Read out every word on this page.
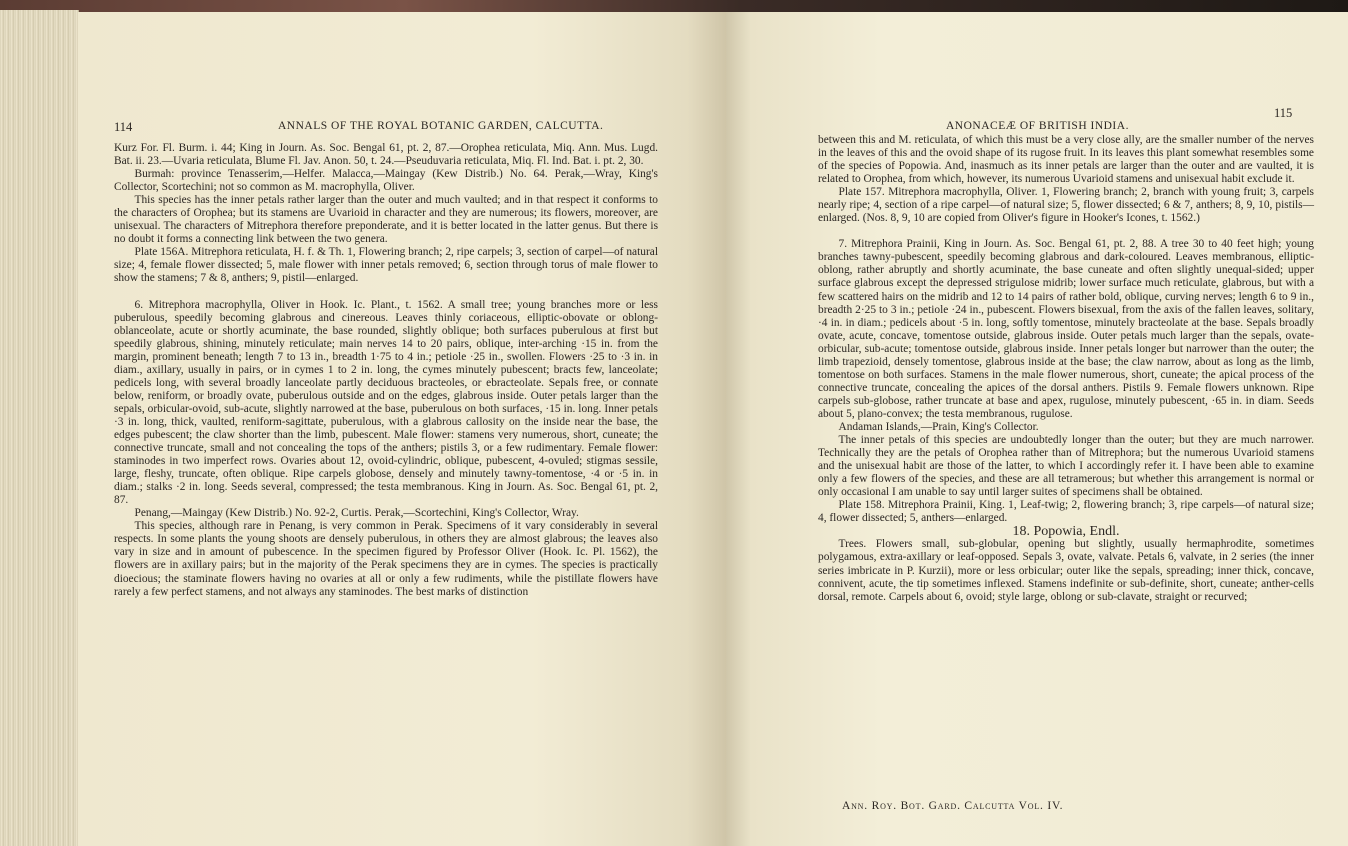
114	ANNALS OF THE ROYAL BOTANIC GARDEN, CALCUTTA.

Kurz For. Fl. Burm. i. 44; King in Journ. As. Soc. Bengal 61, pt. 2, 87.—Orophea reticulata, Miq. Ann. Mus. Lugd. Bat. ii. 23.—Uvaria reticulata, Blume Fl. Jav. Anon. 50, t. 24.—Pseuduvaria reticulata, Miq. Fl. Ind. Bat. i. pt. 2, 30.

Burmah: province Tenasserim,—Helfer. Malacca,—Maingay (Kew Distrib.) No. 64. Perak,—Wray, King's Collector, Scortechini; not so common as M. macrophylla, Oliver.

This species has the inner petals rather larger than the outer and much vaulted; and in that respect it conforms to the characters of Orophea; but its stamens are Uvarioid in character and they are numerous; its flowers, moreover, are unisexual. The characters of Mitrephora therefore preponderate, and it is better located in the latter genus. But there is no doubt it forms a connecting link between the two genera.

Plate 156A. Mitrephora reticulata, H. f. & Th. 1, Flowering branch; 2, ripe carpels; 3, section of carpel—of natural size; 4, female flower dissected; 5, male flower with inner petals removed; 6, section through torus of male flower to show the stamens; 7 & 8, anthers; 9, pistil—enlarged.

6. Mitrephora macrophylla, Oliver in Hook. Ic. Plant., t. 1562. A small tree; young branches more or less puberulous, speedily becoming glabrous and cinereous. Leaves thinly coriaceous, elliptic-obovate or oblong-oblanceolate, acute or shortly acuminate, the base rounded, slightly oblique; both surfaces puberulous at first but speedily glabrous, shining, minutely reticulate; main nerves 14 to 20 pairs, oblique, inter-arching ·15 in. from the margin, prominent beneath; length 7 to 13 in., breadth 1·75 to 4 in.; petiole ·25 in., swollen. Flowers ·25 to ·3 in. in diam., axillary, usually in pairs, or in cymes 1 to 2 in. long, the cymes minutely pubescent; bracts few, lanceolate; pedicels long, with several broadly lanceolate partly deciduous bracteoles, or ebracteolate. Sepals free, or connate below, reniform, or broadly ovate, puberulous outside and on the edges, glabrous inside. Outer petals larger than the sepals, orbicular-ovoid, sub-acute, slightly narrowed at the base, puberulous on both surfaces, ·15 in. long. Inner petals ·3 in. long, thick, vaulted, reniform-sagittate, puberulous, with a glabrous callosity on the inside near the base, the edges pubescent; the claw shorter than the limb, pubescent. Male flower: stamens very numerous, short, cuneate; the connective truncate, small and not concealing the tops of the anthers; pistils 3, or a few rudimentary. Female flower: staminodes in two imperfect rows. Ovaries about 12, ovoid-cylindric, oblique, pubescent, 4-ovuled; stigmas sessile, large, fleshy, truncate, often oblique. Ripe carpels globose, densely and minutely tawny-tomentose, ·4 or ·5 in. in diam.; stalks ·2 in. long. Seeds several, compressed; the testa membranous. King in Journ. As. Soc. Bengal 61, pt. 2, 87.

Penang,—Maingay (Kew Distrib.) No. 92-2, Curtis. Perak,—Scortechini, King's Collector, Wray.

This species, although rare in Penang, is very common in Perak. Specimens of it vary considerably in several respects. In some plants the young shoots are densely puberulous, in others they are almost glabrous; the leaves also vary in size and in amount of pubescence. In the specimen figured by Professor Oliver (Hook. Ic. Pl. 1562), the flowers are in axillary pairs; but in the majority of the Perak specimens they are in cymes. The species is practically dioecious; the staminate flowers having no ovaries at all or only a few rudiments, while the pistillate flowers have rarely a few perfect stamens, and not always any staminodes. The best marks of distinction

ANONACEÆ OF BRITISH INDIA.
115

between this and M. reticulata, of which this must be a very close ally, are the smaller number of the nerves in the leaves of this and the ovoid shape of its rugose fruit. In its leaves this plant somewhat resembles some of the species of Popowia. And, inasmuch as its inner petals are larger than the outer and are vaulted, it is related to Orophea, from which, however, its numerous Uvarioid stamens and unisexual habit exclude it.

Plate 157. Mitrephora macrophylla, Oliver. 1, Flowering branch; 2, branch with young fruit; 3, carpels nearly ripe; 4, section of a ripe carpel—of natural size; 5, flower dissected; 6 & 7, anthers; 8, 9, 10, pistils—enlarged. (Nos. 8, 9, 10 are copied from Oliver's figure in Hooker's Icones, t. 1562.)

7. Mitrephora Prainii, King in Journ. As. Soc. Bengal 61, pt. 2, 88. A tree 30 to 40 feet high; young branches tawny-pubescent, speedily becoming glabrous and dark-coloured. Leaves membranous, elliptic-oblong, rather abruptly and shortly acuminate, the base cuneate and often slightly unequal-sided; upper surface glabrous except the depressed strigulose midrib; lower surface much reticulate, glabrous, but with a few scattered hairs on the midrib and 12 to 14 pairs of rather bold, oblique, curving nerves; length 6 to 9 in., breadth 2·25 to 3 in.; petiole ·24 in., pubescent. Flowers bisexual, from the axis of the fallen leaves, solitary, ·4 in. in diam.; pedicels about ·5 in. long, softly tomentose, minutely bracteolate at the base. Sepals broadly ovate, acute, concave, tomentose outside, glabrous inside. Outer petals much larger than the sepals, ovate-orbicular, sub-acute; tomentose outside, glabrous inside. Inner petals longer but narrower than the outer; the limb trapezioid, densely tomentose, glabrous inside at the base; the claw narrow, about as long as the limb, tomentose on both surfaces. Stamens in the male flower numerous, short, cuneate; the apical process of the connective truncate, concealing the apices of the dorsal anthers. Pistils 9. Female flowers unknown. Ripe carpels sub-globose, rather truncate at base and apex, rugulose, minutely pubescent, ·65 in. in diam. Seeds about 5, plano-convex; the testa membranous, rugulose.

Andaman Islands,—Prain, King's Collector.

The inner petals of this species are undoubtedly longer than the outer; but they are much narrower. Technically they are the petals of Orophea rather than of Mitrephora; but the numerous Uvarioid stamens and the unisexual habit are those of the latter, to which I accordingly refer it. I have been able to examine only a few flowers of the species, and these are all tetramerous; but whether this arrangement is normal or only occasional I am unable to say until larger suites of specimens shall be obtained.

Plate 158. Mitrephora Prainii, King. 1, Leaf-twig; 2, flowering branch; 3, ripe carpels—of natural size; 4, flower dissected; 5, anthers—enlarged.

18. Popowia, Endl.

Trees. Flowers small, sub-globular, opening but slightly, usually hermaphrodite, sometimes polygamous, extra-axillary or leaf-opposed. Sepals 3, ovate, valvate. Petals 6, valvate, in 2 series (the inner series imbricate in P. Kurzii), more or less orbicular; outer like the sepals, spreading; inner thick, concave, connivent, acute, the tip sometimes inflexed. Stamens indefinite or sub-definite, short, cuneate; anther-cells dorsal, remote. Carpels about 6, ovoid; style large, oblong or sub-clavate, straight or recurved;

Ann. Roy. Bot. Gard. Calcutta Vol. IV.
